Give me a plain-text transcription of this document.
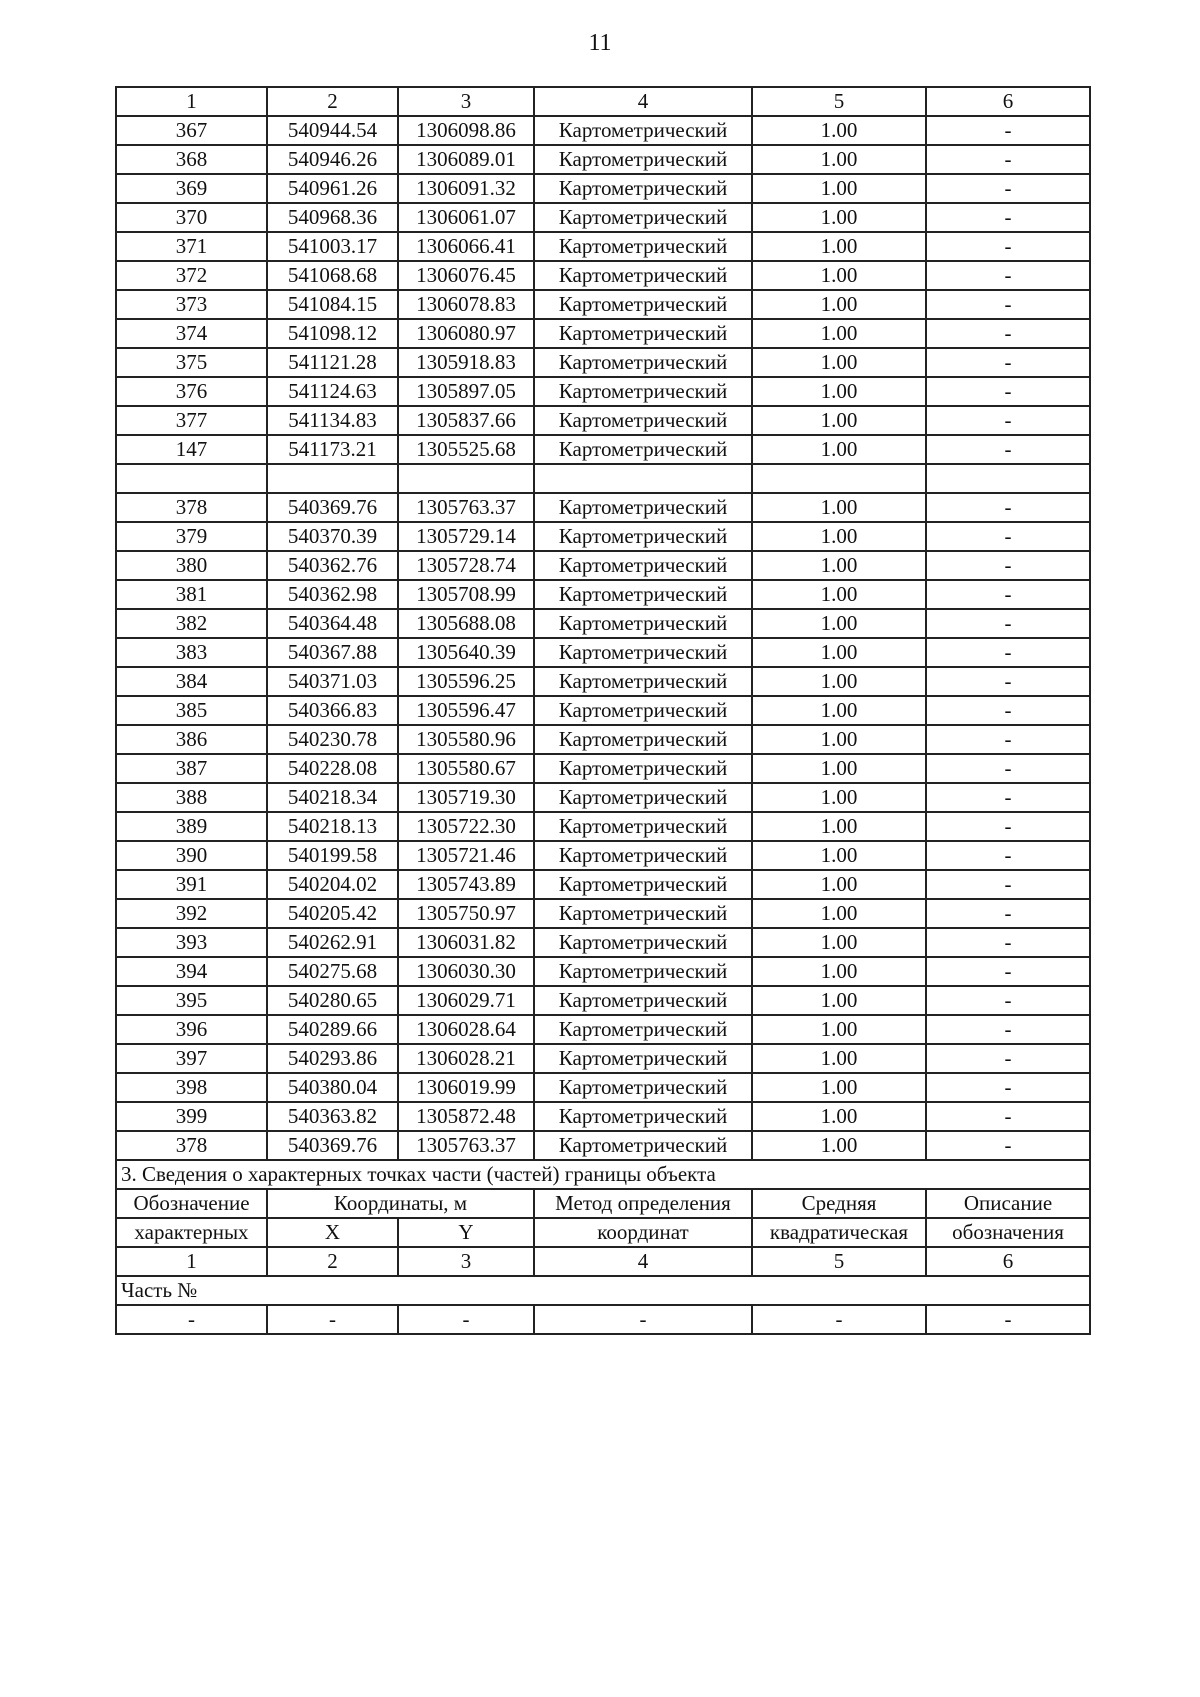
11
1	2	3	4	5	6
367	540944.54	1306098.86	Картометрический	1.00	-
368	540946.26	1306089.01	Картометрический	1.00	-
369	540961.26	1306091.32	Картометрический	1.00	-
370	540968.36	1306061.07	Картометрический	1.00	-
371	541003.17	1306066.41	Картометрический	1.00	-
372	541068.68	1306076.45	Картометрический	1.00	-
373	541084.15	1306078.83	Картометрический	1.00	-
374	541098.12	1306080.97	Картометрический	1.00	-
375	541121.28	1305918.83	Картометрический	1.00	-
376	541124.63	1305897.05	Картометрический	1.00	-
377	541134.83	1305837.66	Картометрический	1.00	-
147	541173.21	1305525.68	Картометрический	1.00	-

378	540369.76	1305763.37	Картометрический	1.00	-
379	540370.39	1305729.14	Картометрический	1.00	-
380	540362.76	1305728.74	Картометрический	1.00	-
381	540362.98	1305708.99	Картометрический	1.00	-
382	540364.48	1305688.08	Картометрический	1.00	-
383	540367.88	1305640.39	Картометрический	1.00	-
384	540371.03	1305596.25	Картометрический	1.00	-
385	540366.83	1305596.47	Картометрический	1.00	-
386	540230.78	1305580.96	Картометрический	1.00	-
387	540228.08	1305580.67	Картометрический	1.00	-
388	540218.34	1305719.30	Картометрический	1.00	-
389	540218.13	1305722.30	Картометрический	1.00	-
390	540199.58	1305721.46	Картометрический	1.00	-
391	540204.02	1305743.89	Картометрический	1.00	-
392	540205.42	1305750.97	Картометрический	1.00	-
393	540262.91	1306031.82	Картометрический	1.00	-
394	540275.68	1306030.30	Картометрический	1.00	-
395	540280.65	1306029.71	Картометрический	1.00	-
396	540289.66	1306028.64	Картометрический	1.00	-
397	540293.86	1306028.21	Картометрический	1.00	-
398	540380.04	1306019.99	Картометрический	1.00	-
399	540363.82	1305872.48	Картометрический	1.00	-
378	540369.76	1305763.37	Картометрический	1.00	-
3. Сведения о характерных точках части (частей) границы объекта					
Обозначение	Координаты, м		Метод определения	Средняя	Описание
характерных	X	Y	координат	квадратическая	обозначения
1	2	3	4	5	6
Часть №					
-	-	-	-	-	-
